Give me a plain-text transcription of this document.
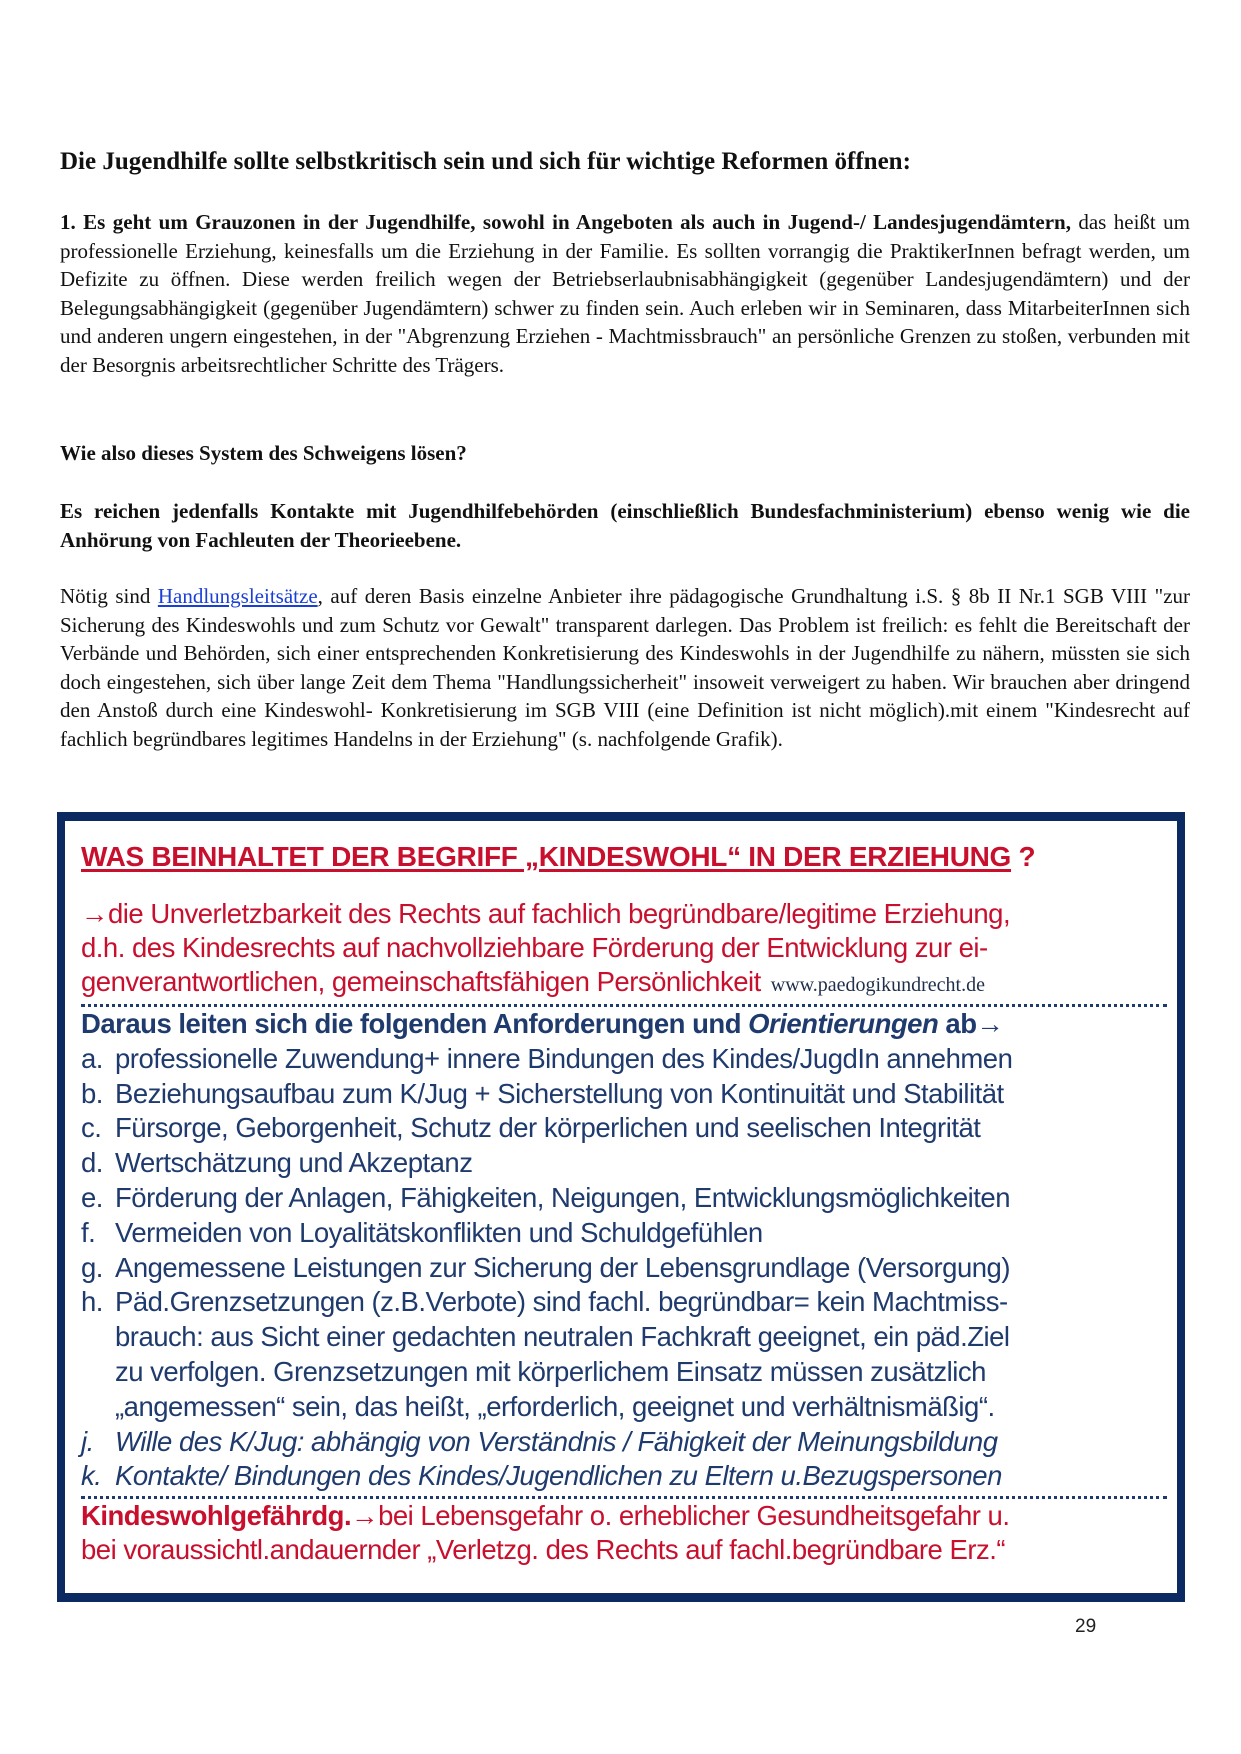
Die Jugendhilfe sollte selbstkritisch sein und sich für wichtige Reformen öffnen:

1. Es geht um Grauzonen in der Jugendhilfe, sowohl in Angeboten als auch in Jugend-/ Landesjugendämtern, das heißt um professionelle Erziehung, keinesfalls um die Erziehung in der Familie. Es sollten vorrangig die PraktikerInnen befragt werden, um Defizite zu öffnen. Diese werden freilich wegen der Betriebserlaubnisabhängigkeit (gegenüber Landesjugendämtern) und der Belegungsabhängigkeit (gegenüber Jugendämtern) schwer zu finden sein. Auch erleben wir in Seminaren, dass MitarbeiterInnen sich und anderen ungern eingestehen, in der "Abgrenzung Erziehen - Machtmissbrauch" an persönliche Grenzen zu stoßen, verbunden mit der Besorgnis arbeitsrechtlicher Schritte des Trägers.

Wie also dieses System des Schweigens lösen?

Es reichen jedenfalls Kontakte mit Jugendhilfebehörden (einschließlich Bundesfachministerium) ebenso wenig wie die Anhörung von Fachleuten der Theorieebene.

Nötig sind Handlungsleitsätze, auf deren Basis einzelne Anbieter ihre pädagogische Grundhaltung i.S. § 8b II Nr.1 SGB VIII "zur Sicherung des Kindeswohls und zum Schutz vor Gewalt" transparent darlegen. Das Problem ist freilich: es fehlt die Bereitschaft der Verbände und Behörden, sich einer entsprechenden Konkretisierung des Kindeswohls in der Jugendhilfe zu nähern, müssten sie sich doch eingestehen, sich über lange Zeit dem Thema "Handlungssicherheit" insoweit verweigert zu haben. Wir brauchen aber dringend den Anstoß durch eine Kindeswohl- Konkretisierung im SGB VIII (eine Definition ist nicht möglich).mit einem "Kindesrecht auf fachlich begründbares legitimes Handelns in der Erziehung" (s. nachfolgende Grafik).

WAS BEINHALTET DER BEGRIFF „KINDESWOHL“ IN DER ERZIEHUNG ?

→die Unverletzbarkeit des Rechts auf fachlich begründbare/legitime Erziehung,

d.h. des Kindesrechts auf nachvollziehbare Förderung der Entwicklung zur ei-

genverantwortlichen, gemeinschaftsfähigen Persönlichkeit www.paedogikundrecht.de

Daraus leiten sich die folgenden Anforderungen und Orientierungen ab→

a. professionelle Zuwendung+ innere Bindungen des Kindes/JugdIn annehmen
b. Beziehungsaufbau zum K/Jug + Sicherstellung von Kontinuität und Stabilität
c. Fürsorge, Geborgenheit, Schutz der körperlichen und seelischen Integrität
d. Wertschätzung und Akzeptanz
e. Förderung der Anlagen, Fähigkeiten, Neigungen, Entwicklungsmöglichkeiten
f. Vermeiden von Loyalitätskonflikten und Schuldgefühlen
g. Angemessene Leistungen zur Sicherung der Lebensgrundlage (Versorgung)
h. Päd.Grenzsetzungen (z.B.Verbote) sind fachl. begründbar= kein Machtmiss-

brauch: aus Sicht einer gedachten neutralen Fachkraft geeignet, ein päd.Ziel

zu verfolgen. Grenzsetzungen mit körperlichem Einsatz müssen zusätzlich

„angemessen“ sein, das heißt, „erforderlich, geeignet und verhältnismäßig“.

j. Wille des K/Jug: abhängig von Verständnis / Fähigkeit der Meinungsbildung
k. Kontakte/ Bindungen des Kindes/Jugendlichen zu Eltern u.Bezugspersonen

Kindeswohlgefährdg.→bei Lebensgefahr o. erheblicher Gesundheitsgefahr u.

bei voraussichtl.andauernder „Verletzg. des Rechts auf fachl.begründbare Erz.“

29
